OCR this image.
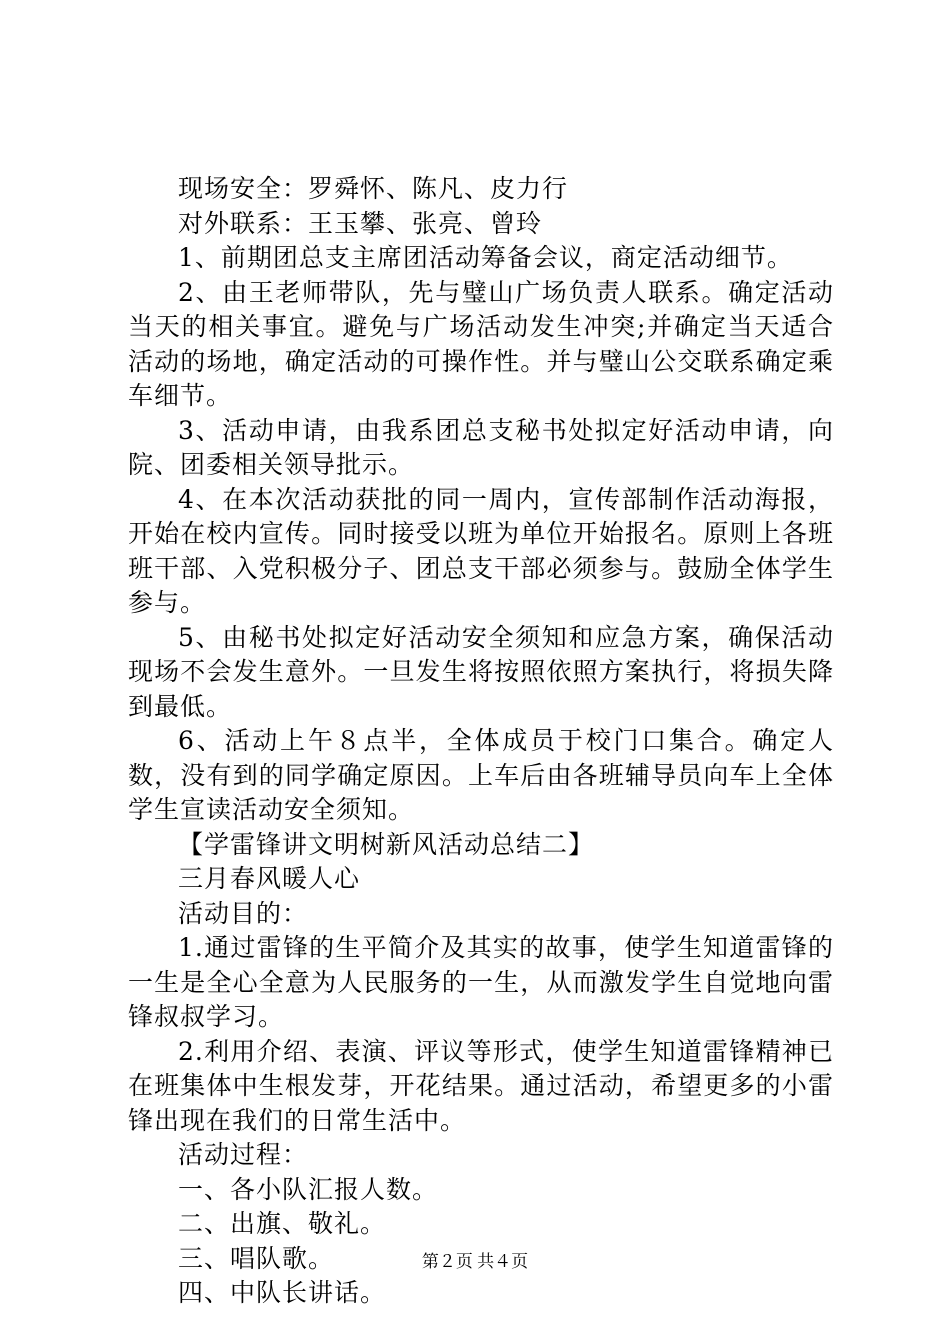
现场安全：罗舜怀、陈凡、皮力行

对外联系：王玉攀、张亮、曾玲

1、前期团总支主席团活动筹备会议，商定活动细节。

2、由王老师带队，先与璧山广场负责人联系。确定活动当天的相关事宜。避免与广场活动发生冲突;并确定当天适合活动的场地，确定活动的可操作性。并与璧山公交联系确定乘车细节。

3、活动申请，由我系团总支秘书处拟定好活动申请，向院、团委相关领导批示。

4、在本次活动获批的同一周内，宣传部制作活动海报，开始在校内宣传。同时接受以班为单位开始报名。原则上各班班干部、入党积极分子、团总支干部必须参与。鼓励全体学生参与。

5、由秘书处拟定好活动安全须知和应急方案，确保活动现场不会发生意外。一旦发生将按照依照方案执行，将损失降到最低。

6、活动上午８点半，全体成员于校门口集合。确定人数，没有到的同学确定原因。上车后由各班辅导员向车上全体学生宣读活动安全须知。

【学雷锋讲文明树新风活动总结二】

三月春风暖人心

活动目的：

1.通过雷锋的生平简介及其实的故事，使学生知道雷锋的一生是全心全意为人民服务的一生，从而激发学生自觉地向雷锋叔叔学习。

2.利用介绍、表演、评议等形式，使学生知道雷锋精神已在班集体中生根发芽，开花结果。通过活动，希望更多的小雷锋出现在我们的日常生活中。

活动过程：

一、各小队汇报人数。

二、出旗、敬礼。

三、唱队歌。

四、中队长讲话。

第２页 共４页
